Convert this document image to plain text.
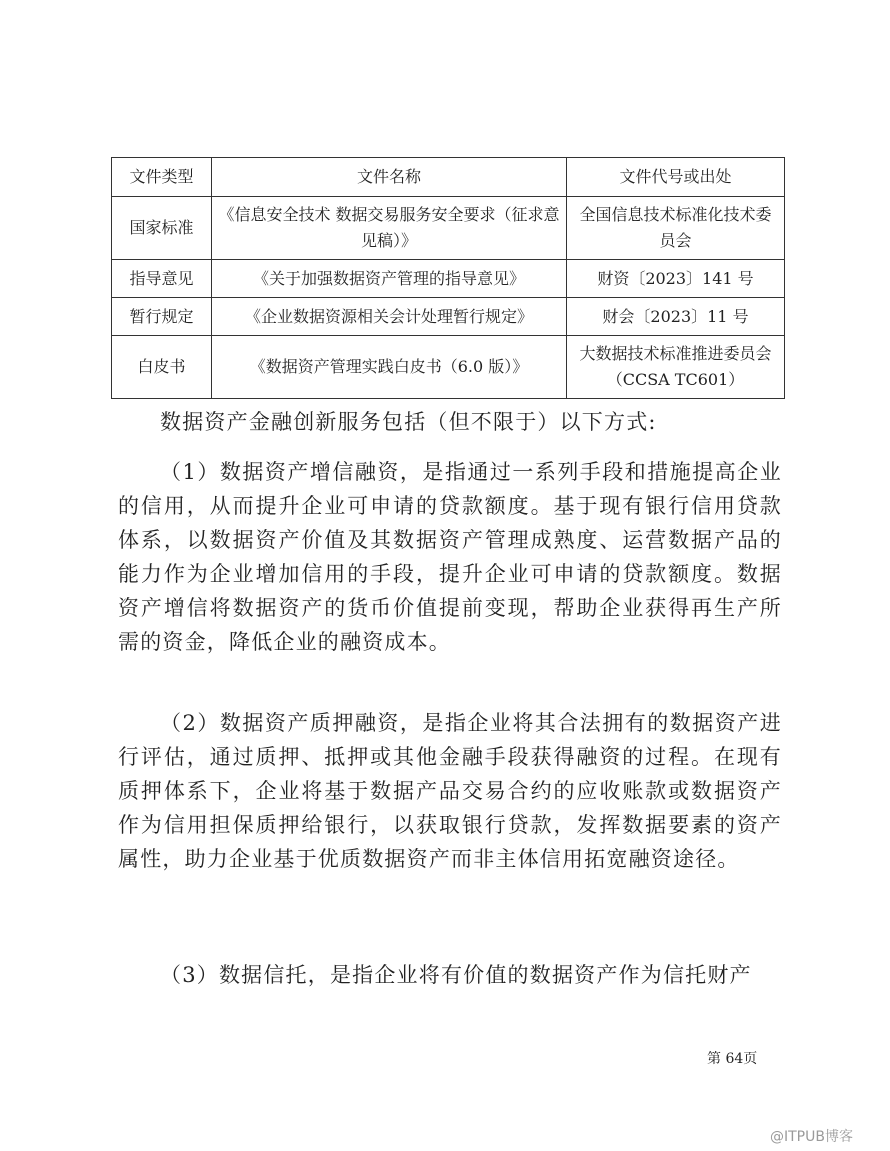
文件类型	文件名称	文件代号或出处
国家标准	《信息安全技术 数据交易服务安全要求（征求意见稿）》	全国信息技术标准化技术委员会
指导意见	《关于加强数据资产管理的指导意见》	财资〔2023〕141 号
暂行规定	《企业数据资源相关会计处理暂行规定》	财会〔2023〕11 号
白皮书	《数据资产管理实践白皮书（6.0 版）》	大数据技术标准推进委员会（CCSA TC601）

数据资产金融创新服务包括（但不限于）以下方式:

（1）数据资产增信融资，是指通过一系列手段和措施提高企业的信用，从而提升企业可申请的贷款额度。基于现有银行信用贷款体系，以数据资产价值及其数据资产管理成熟度、运营数据产品的能力作为企业增加信用的手段，提升企业可申请的贷款额度。数据资产增信将数据资产的货币价值提前变现，帮助企业获得再生产所需的资金，降低企业的融资成本。

（2）数据资产质押融资，是指企业将其合法拥有的数据资产进行评估，通过质押、抵押或其他金融手段获得融资的过程。在现有质押体系下，企业将基于数据产品交易合约的应收账款或数据资产作为信用担保质押给银行，以获取银行贷款，发挥数据要素的资产属性，助力企业基于优质数据资产而非主体信用拓宽融资途径。

（3）数据信托，是指企业将有价值的数据资产作为信托财产

第 64页
@ITPUB博客
